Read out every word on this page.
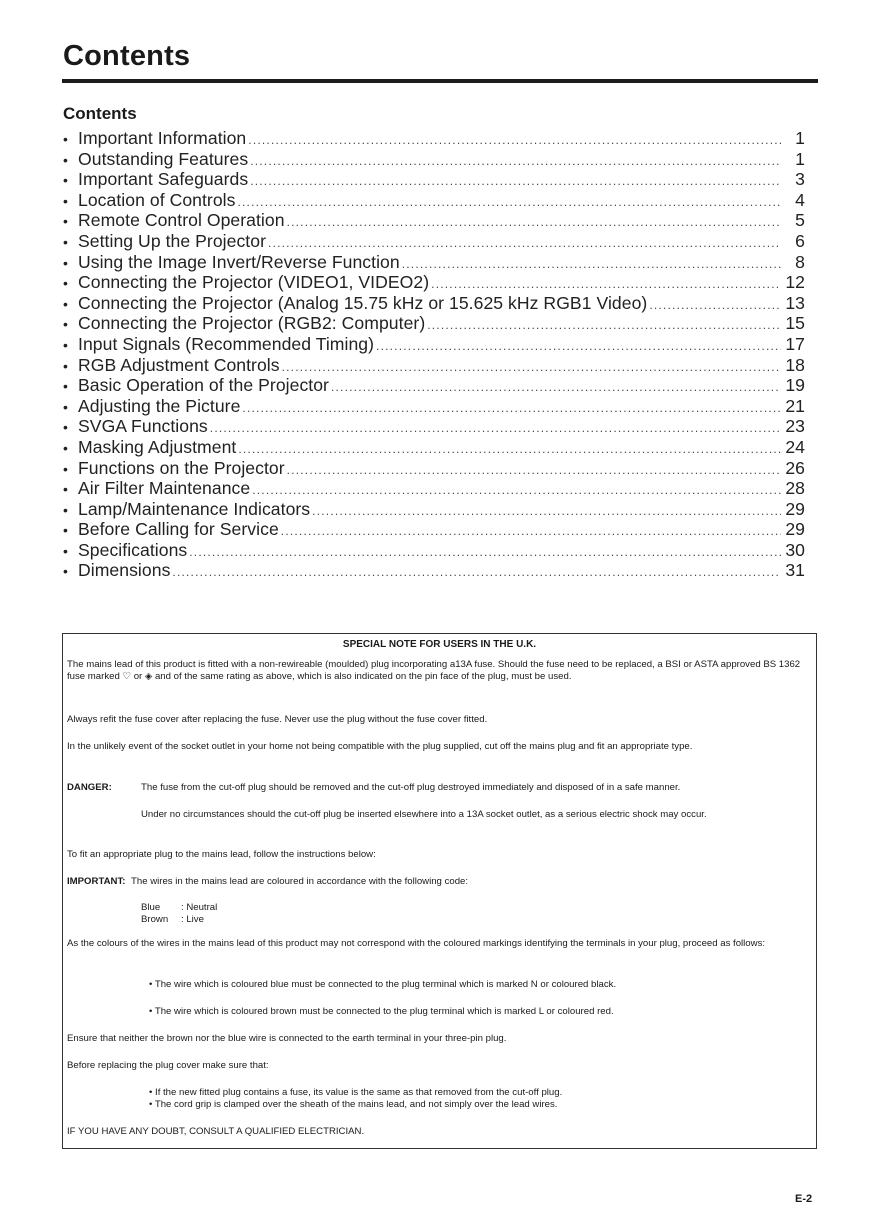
Contents
Contents
• Important Information .....	1
• Outstanding Features .....	1
• Important Safeguards .....	3
• Location of Controls .....	4
• Remote Control Operation .....	5
• Setting Up the Projector .....	6
• Using the Image Invert/Reverse Function .....	8
• Connecting the Projector (VIDEO1, VIDEO2) .....	12
• Connecting the Projector (Analog 15.75 kHz or 15.625 kHz RGB1 Video) .....	13
• Connecting the Projector (RGB2: Computer) .....	15
• Input Signals (Recommended Timing) .....	17
• RGB Adjustment Controls .....	18
• Basic Operation of the Projector .....	19
• Adjusting the Picture .....	21
• SVGA Functions .....	23
• Masking Adjustment .....	24
• Functions on the Projector .....	26
• Air Filter Maintenance .....	28
• Lamp/Maintenance Indicators .....	29
• Before Calling for Service .....	29
• Specifications .....	30
• Dimensions .....	31
SPECIAL NOTE FOR USERS IN THE U.K.

The mains lead of this product is fitted with a non-rewireable (moulded) plug incorporating a13A fuse. Should the fuse need to be replaced, a BSI or ASTA approved BS 1362 fuse marked ♡ or ◈ and of the same rating as above, which is also indicated on the pin face of the plug, must be used.

Always refit the fuse cover after replacing the fuse. Never use the plug without the fuse cover fitted.

In the unlikely event of the socket outlet in your home not being compatible with the plug supplied, cut off the mains plug and fit an appropriate type.

DANGER:	The fuse from the cut-off plug should be removed and the cut-off plug destroyed immediately and disposed of in a safe manner.

Under no circumstances should the cut-off plug be inserted elsewhere into a 13A socket outlet, as a serious electric shock may occur.

To fit an appropriate plug to the mains lead, follow the instructions below:

IMPORTANT: The wires in the mains lead are coloured in accordance with the following code:

Blue : Neutral
Brown : Live

As the colours of the wires in the mains lead of this product may not correspond with the coloured markings identifying the terminals in your plug, proceed as follows:

• The wire which is coloured blue must be connected to the plug terminal which is marked N or coloured black.

• The wire which is coloured brown must be connected to the plug terminal which is marked L or coloured red.

Ensure that neither the brown nor the blue wire is connected to the earth terminal in your three-pin plug.

Before replacing the plug cover make sure that:

• If the new fitted plug contains a fuse, its value is the same as that removed from the cut-off plug.

• The cord grip is clamped over the sheath of the mains lead, and not simply over the lead wires.

IF YOU HAVE ANY DOUBT, CONSULT A QUALIFIED ELECTRICIAN.

E-2
